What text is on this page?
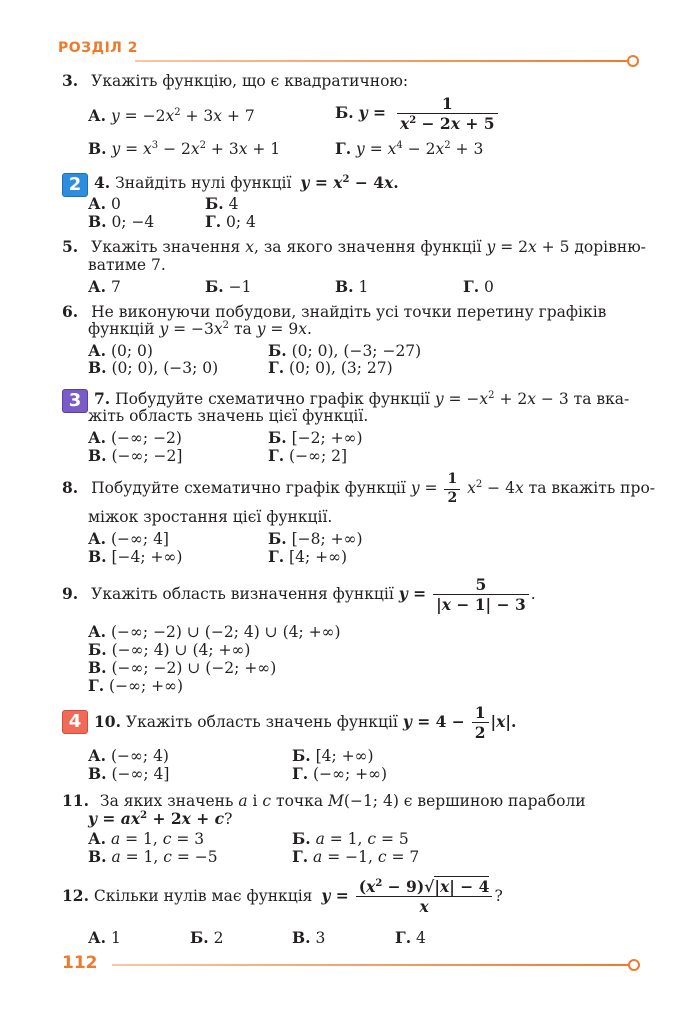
РОЗДІЛ 2
3. Укажіть функцію, що є квадратичною:
А. $y = -2x^2 + 3x + 7$	Б. $y = \frac{1}{x^2 - 2x + 5}$
В. $y = x^3 - 2x^2 + 3x + 1$	Г. $y = x^4 - 2x^2 + 3$
2 4. Знайдіть нулі функції $y = x^2 - 4x$.
А. 0	Б. 4
В. 0; −4	Г. 0; 4
5. Укажіть значення x, за якого значення функції y = 2x + 5 дорівню-
ватиме 7.
А. 7	Б. −1	В. 1	Г. 0
6. Не виконуючи побудови, знайдіть усі точки перетину графіків
функцій $y = -3x^2$ та y = 9x.
А. (0; 0)	Б. (0; 0), (−3; −27)
В. (0; 0), (−3; 0)	Г. (0; 0), (3; 27)
3 7. Побудуйте схематично графік функції $y = -x^2 + 2x - 3$ та вка-
жіть область значень цієї функції.
А. (−∞; −2)	Б. [−2; +∞)
В. (−∞; −2]	Г. (−∞; 2]
8. Побудуйте схематично графік функції $y = \frac{1}{2} x^2 - 4x$ та вкажіть про-
міжок зростання цієї функції.
А. (−∞; 4]	Б. [−8; +∞)
В. [−4; +∞)	Г. [4; +∞)
9. Укажіть область визначення функції $y = \frac{5}{|x - 1| - 3}$ .
А. (−∞; −2) ∪ (−2; 4) ∪ (4; +∞)
Б. (−∞; 4) ∪ (4; +∞)
В. (−∞; −2) ∪ (−2; +∞)
Г. (−∞; +∞)
4 10. Укажіть область значень функції $y = 4 - \frac{1}{2} |x|$.
А. (−∞; 4)	Б. [4; +∞)
В. (−∞; 4]	Г. (−∞; +∞)
11. За якиx значень a і c точка M(−1; 4) є вершиною параболи
$y = ax^2 + 2x + c$?
А. a = 1, c = 3	Б. a = 1, c = 5
В. a = 1, c = −5	Г. a = −1, c = 7
12. Скільки нулів має функція $y = \frac{(x^2 - 9)√|x| - 4}{x}$ ?
А. 1	Б. 2	В. 3	Г. 4
112
